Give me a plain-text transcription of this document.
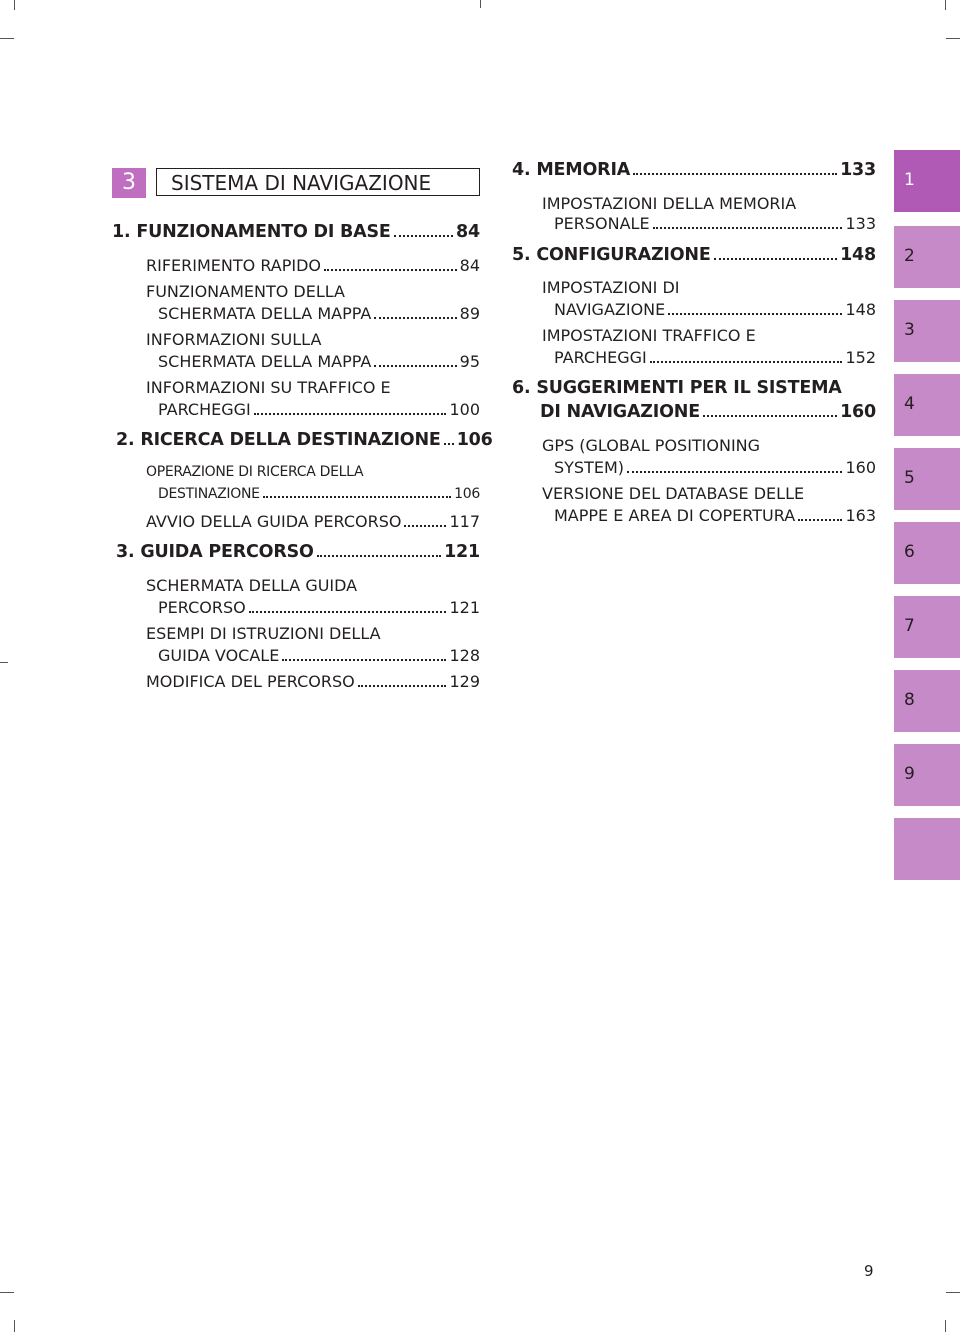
3	SISTEMA DI NAVIGAZIONE
1. FUNZIONAMENTO DI BASE	84
RIFERIMENTO RAPIDO	84
FUNZIONAMENTO DELLA
SCHERMATA DELLA MAPPA	89
INFORMAZIONI SULLA
SCHERMATA DELLA MAPPA	95
INFORMAZIONI SU TRAFFICO E
PARCHEGGI	100
2. RICERCA DELLA DESTINAZIONE 106
OPERAZIONE DI RICERCA DELLA
DESTINAZIONE	106
AVVIO DELLA GUIDA PERCORSO	117
3. GUIDA PERCORSO	121
SCHERMATA DELLA GUIDA
PERCORSO	121
ESEMPI DI ISTRUZIONI DELLA
GUIDA VOCALE	128
MODIFICA DEL PERCORSO	129
4. MEMORIA	133
IMPOSTAZIONI DELLA MEMORIA
PERSONALE	133
5. CONFIGURAZIONE	148
IMPOSTAZIONI DI
NAVIGAZIONE	148
IMPOSTAZIONI TRAFFICO E
PARCHEGGI	152
6. SUGGERIMENTI PER IL SISTEMA
DI NAVIGAZIONE	160
GPS (GLOBAL POSITIONING
SYSTEM)	160
VERSIONE DEL DATABASE DELLE
MAPPE E AREA DI COPERTURA	163
1
2
3
4
5
6
7
8
9
9
